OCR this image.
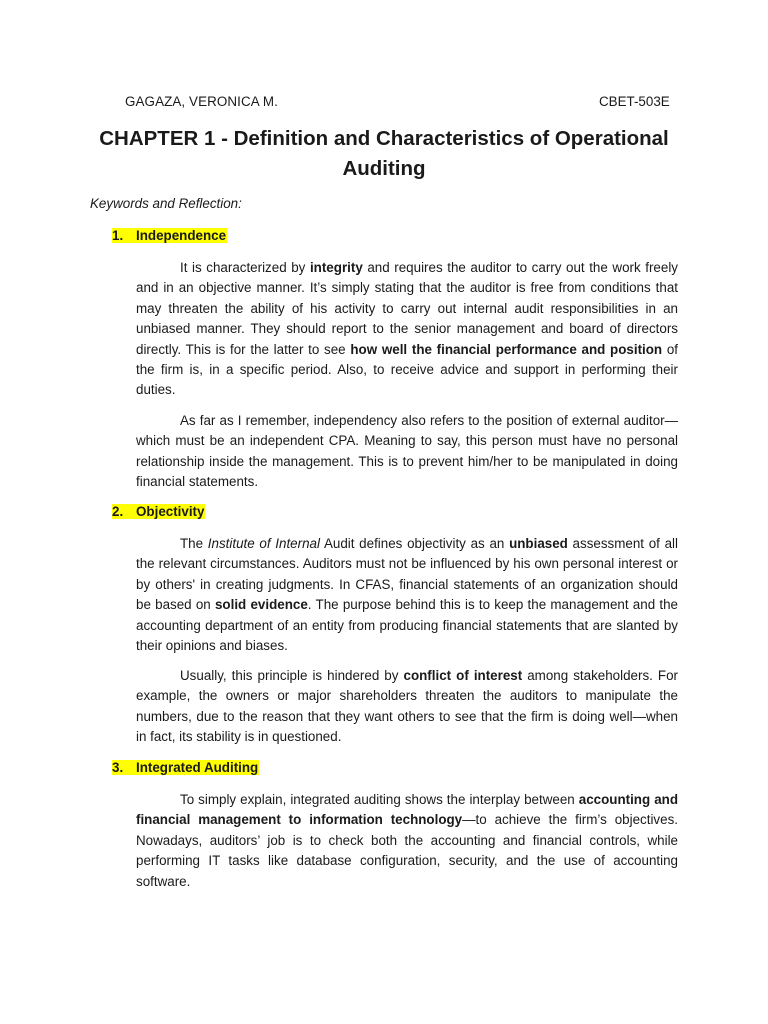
GAGAZA, VERONICA M.	CBET-503E
CHAPTER 1 - Definition and Characteristics of Operational Auditing
Keywords and Reflection:
1. Independence

It is characterized by integrity and requires the auditor to carry out the work freely and in an objective manner. It’s simply stating that the auditor is free from conditions that may threaten the ability of his activity to carry out internal audit responsibilities in an unbiased manner. They should report to the senior management and board of directors directly. This is for the latter to see how well the financial performance and position of the firm is, in a specific period. Also, to receive advice and support in performing their duties.

As far as I remember, independency also refers to the position of external auditor—which must be an independent CPA. Meaning to say, this person must have no personal relationship inside the management. This is to prevent him/her to be manipulated in doing financial statements.

2. Objectivity

The Institute of Internal Audit defines objectivity as an unbiased assessment of all the relevant circumstances. Auditors must not be influenced by his own personal interest or by others' in creating judgments. In CFAS, financial statements of an organization should be based on solid evidence. The purpose behind this is to keep the management and the accounting department of an entity from producing financial statements that are slanted by their opinions and biases.

Usually, this principle is hindered by conflict of interest among stakeholders. For example, the owners or major shareholders threaten the auditors to manipulate the numbers, due to the reason that they want others to see that the firm is doing well—when in fact, its stability is in questioned.

3. Integrated Auditing

To simply explain, integrated auditing shows the interplay between accounting and financial management to information technology—to achieve the firm’s objectives. Nowadays, auditors’ job is to check both the accounting and financial controls, while performing IT tasks like database configuration, security, and the use of accounting software.
